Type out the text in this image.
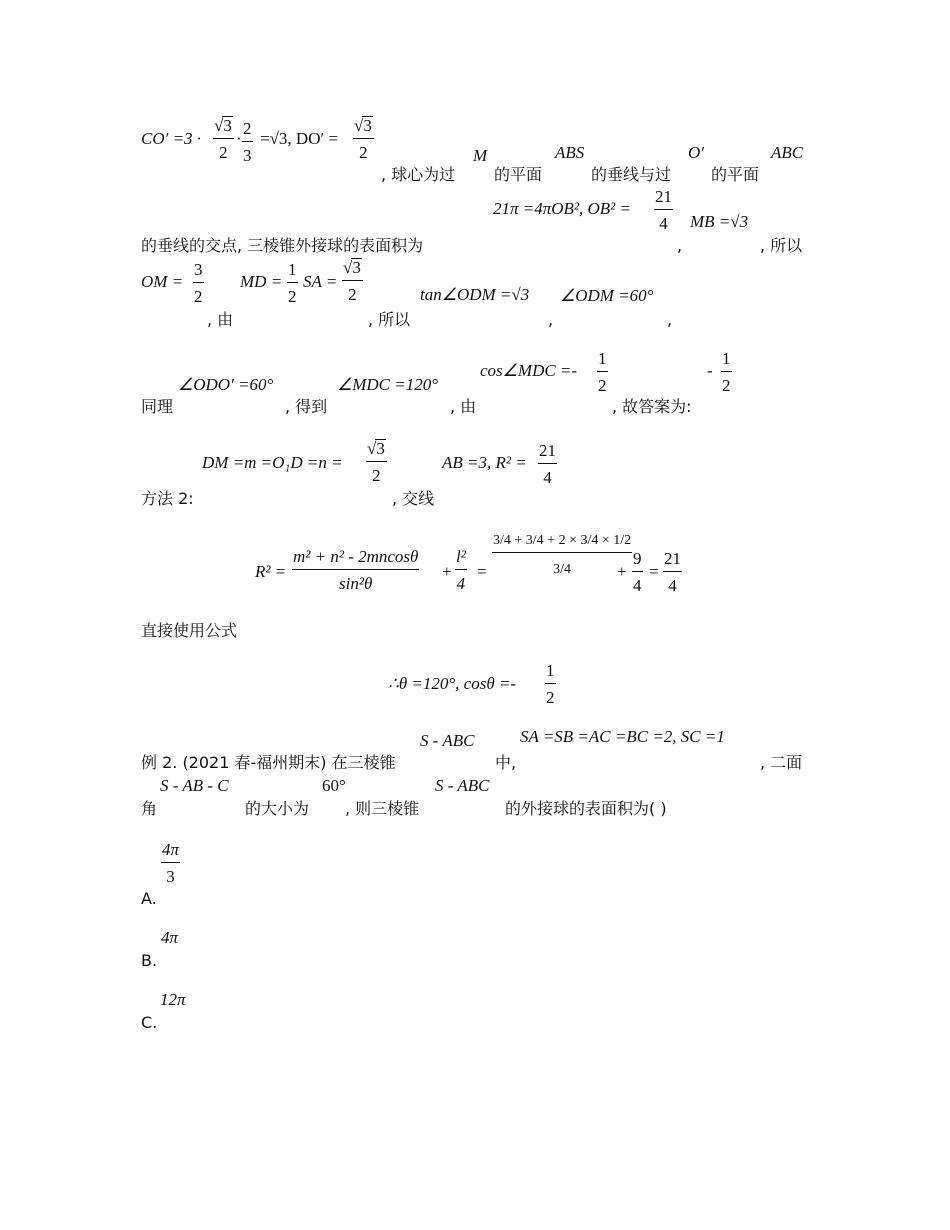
$CO' =3 \cdot \frac{√3}{2} \cdot \frac{2}{3} =√3$, $DO' = \frac{√3}{2}$	M	ABS	O′	ABC
, 球心为过 的平面	的垂线与过 的平面
21π =4πOB², $OB^2 = \frac{21}{4}$ MB =√3
的垂线的交点, 三棱锥外接球的表面积为	,	, 所以
OM = $\frac{3}{2}$ MD = $\frac{1}{2}$ SA = $\frac{√3}{2}$	tan∠ODM =√3 ∠ODM =60°
, 由	, 所以	,	,
cos∠MDC =- $\frac{1}{2}$	- $\frac{1}{2}$
∠ODO′ =60°	∠MDC =120°
同理	, 得到	, 由	, 故答案为:
DM $=m =O_1D =n = \frac{√3}{2}$	AB =3, $R^2 = \frac{21}{4}$
方法 2:	, 交线
$R^2 = \frac{\text{m² + n² - 2mncosθ}}{\text{sin²θ}} + \frac{\text{l²}}{4} = \frac{3/4 + 3/4 + 2 \times 3/4 \times 1/2}{3/4}$
+ $\frac{9}{4} = \frac{21}{4}$
直接使用公式
∴θ =120°, $\cos\theta =- \frac{1}{2}$
S - ABC	SA =SB =AC =BC =2, SC =1
例 2. (2021 春-福州期末) 在三棱锥	中,	, 二面
S - AB - C	60°	S - ABC
角	的大小为 , 则三棱锥	的外接球的表面积为( )
$\frac{4\pi}{3}$
A.
4π
B.
12π
C.
